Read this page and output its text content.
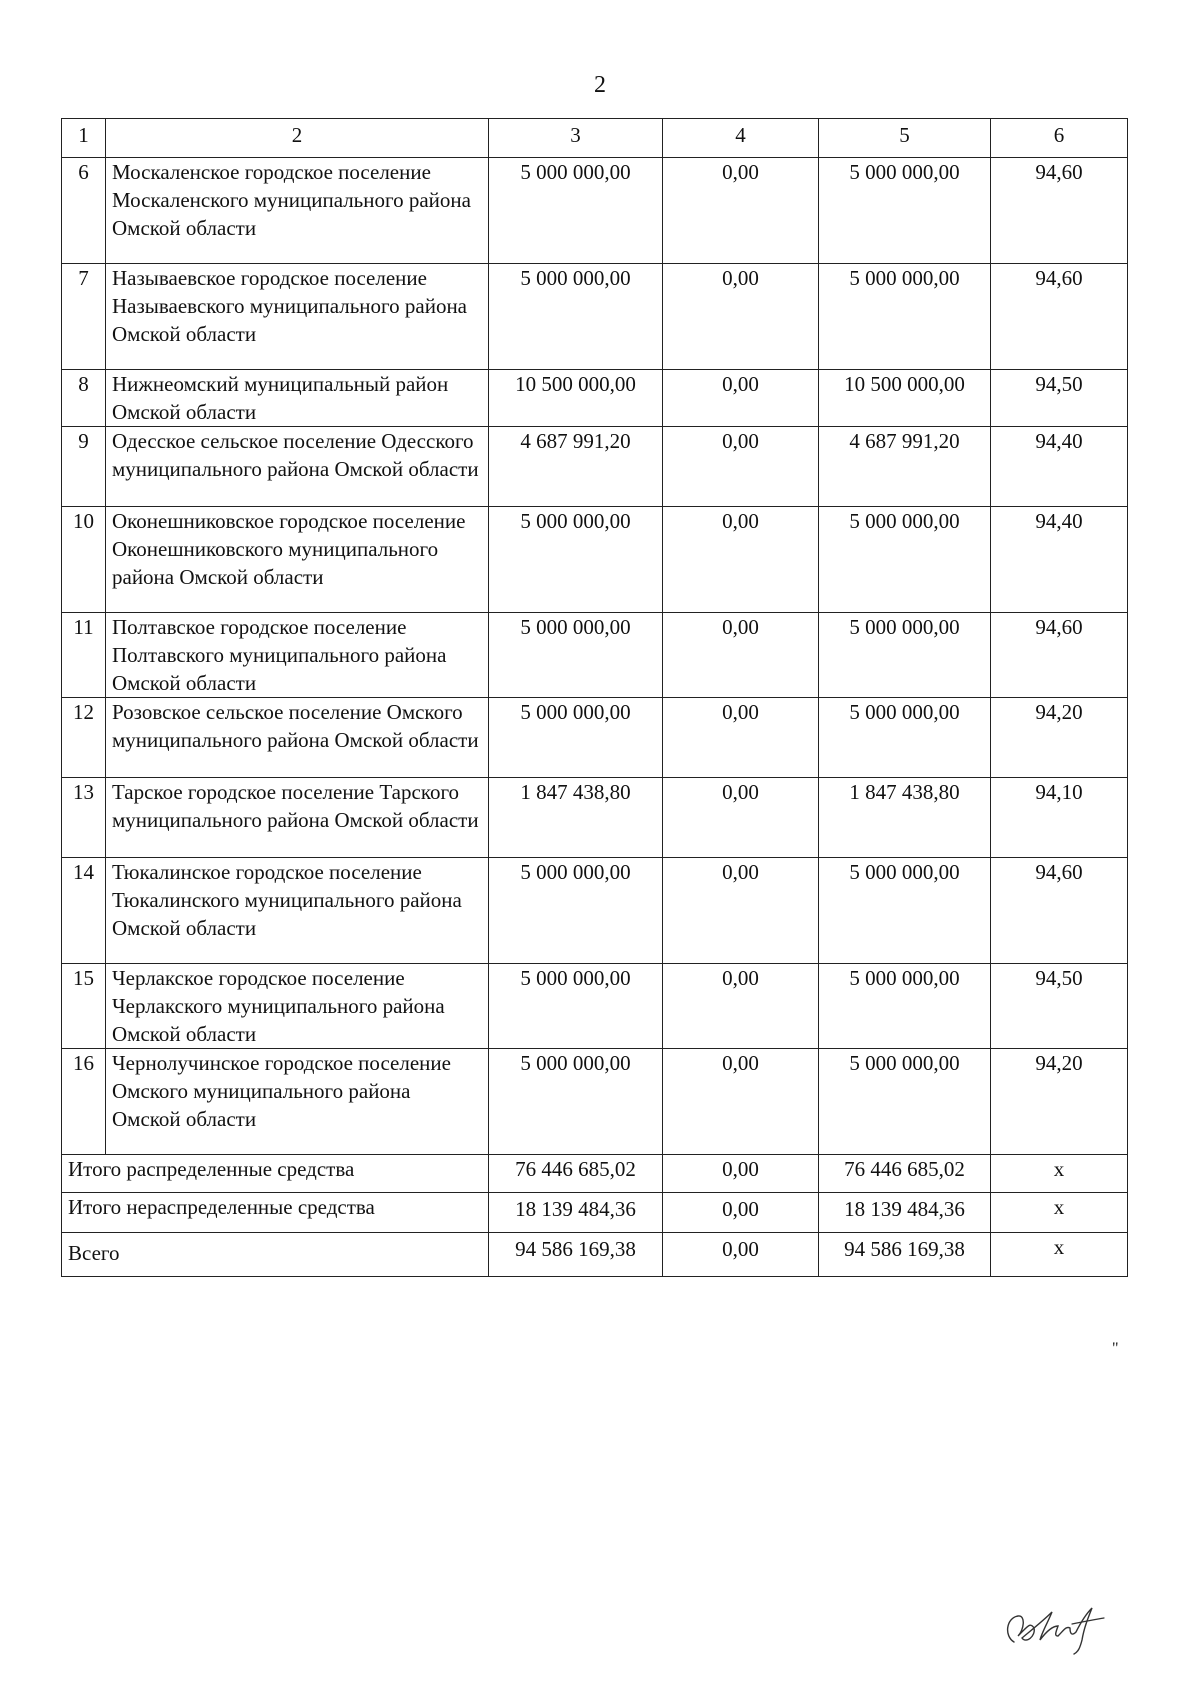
2
1	2	3	4	5	6
6	Москаленское городское поселение Москаленского муниципального района Омской области	5 000 000,00	0,00	5 000 000,00	94,60
7	Называевское городское поселение Называевского муниципального района Омской области	5 000 000,00	0,00	5 000 000,00	94,60
8	Нижнеомский муниципальный район Омской области	10 500 000,00	0,00	10 500 000,00	94,50
9	Одесское сельское поселение Одесского муниципального района Омской области	4 687 991,20	0,00	4 687 991,20	94,40
10	Оконешниковское городское поселение Оконешниковского муниципального района Омской области	5 000 000,00	0,00	5 000 000,00	94,40
11	Полтавское городское поселение Полтавского муниципального района Омской области	5 000 000,00	0,00	5 000 000,00	94,60
12	Розовское сельское поселение Омского муниципального района Омской области	5 000 000,00	0,00	5 000 000,00	94,20
13	Тарское городское поселение Тарского муниципального района Омской области	1 847 438,80	0,00	1 847 438,80	94,10
14	Тюкалинское городское поселение Тюкалинского муниципального района Омской области	5 000 000,00	0,00	5 000 000,00	94,60
15	Черлакское городское поселение Черлакского муниципального района Омской области	5 000 000,00	0,00	5 000 000,00	94,50
16	Чернолучинское городское поселение Омского муниципального района Омской области	5 000 000,00	0,00	5 000 000,00	94,20
Итого распределенные средства		76 446 685,02	0,00	76 446 685,02	x
Итого нераспределенные средства		18 139 484,36	0,00	18 139 484,36	x
Всего		94 586 169,38	0,00	94 586 169,38	x
"
